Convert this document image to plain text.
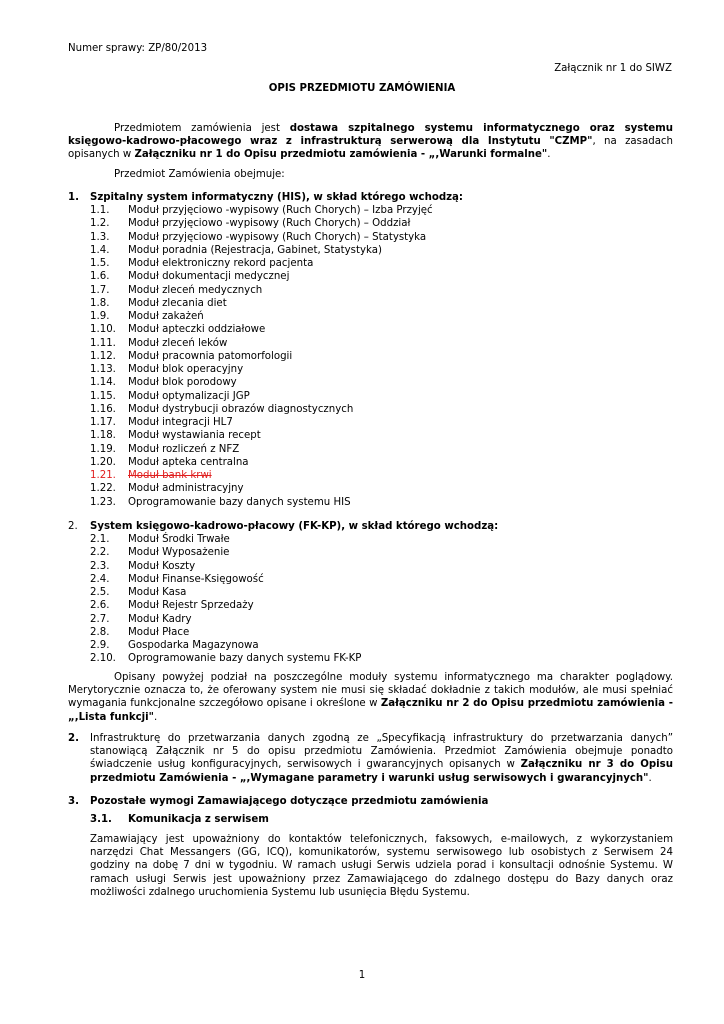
Numer sprawy: ZP/80/2013
Załącznik nr 1 do SIWZ
OPIS PRZEDMIOTU ZAMÓWIENIA
Przedmiotem zamówienia jest dostawa szpitalnego systemu informatycznego oraz systemu księgowo-kadrowo-płacowego wraz z infrastrukturą serwerową dla Instytutu "CZMP", na zasadach opisanych w Załączniku nr 1 do Opisu przedmiotu zamówienia - „,Warunki formalne".
Przedmiot Zamówienia obejmuje:
1. Szpitalny system informatyczny (HIS), w skład którego wchodzą:
1.1. Moduł przyjęciowo -wypisowy (Ruch Chorych) – Izba Przyjęć
1.2. Moduł przyjęciowo -wypisowy (Ruch Chorych) – Oddział
1.3. Moduł przyjęciowo -wypisowy (Ruch Chorych) – Statystyka
1.4. Moduł poradnia (Rejestracja, Gabinet, Statystyka)
1.5. Moduł elektroniczny rekord pacjenta
1.6. Moduł dokumentacji medycznej
1.7. Moduł zleceń medycznych
1.8. Moduł zlecania diet
1.9. Moduł zakażeń
1.10. Moduł apteczki oddziałowe
1.11. Moduł zleceń leków
1.12. Moduł pracownia patomorfologii
1.13. Moduł blok operacyjny
1.14. Moduł blok porodowy
1.15. Moduł optymalizacji JGP
1.16. Moduł dystrybucji obrazów diagnostycznych
1.17. Moduł integracji HL7
1.18. Moduł wystawiania recept
1.19. Moduł rozliczeń z NFZ
1.20. Moduł apteka centralna
1.21. Moduł bank krwi
1.22. Moduł administracyjny
1.23. Oprogramowanie bazy danych systemu HIS
2. System księgowo-kadrowo-płacowy (FK-KP), w skład którego wchodzą:
2.1. Moduł Środki Trwałe
2.2. Moduł Wyposażenie
2.3. Moduł Koszty
2.4. Moduł Finanse-Księgowość
2.5. Moduł Kasa
2.6. Moduł Rejestr Sprzedaży
2.7. Moduł Kadry
2.8. Moduł Płace
2.9. Gospodarka Magazynowa
2.10. Oprogramowanie bazy danych systemu FK-KP
Opisany powyżej podział na poszczególne moduły systemu informatycznego ma charakter poglądowy. Merytorycznie oznacza to, że oferowany system nie musi się składać dokładnie z takich modułów, ale musi spełniać wymagania funkcjonalne szczegółowo opisane i określone w Załączniku nr 2 do Opisu przedmiotu zamówienia - „,Lista funkcji".
2.	Infrastrukturę do przetwarzania danych zgodną ze „Specyfikacją infrastruktury do przetwarzania danych” stanowiącą Załącznik nr 5 do opisu przedmiotu Zamówienia. Przedmiot Zamówienia obejmuje ponadto świadczenie usług konfiguracyjnych, serwisowych i gwarancyjnych opisanych w Załączniku nr 3 do Opisu przedmiotu Zamówienia - „,Wymagane parametry i warunki usług serwisowych i gwarancyjnych".
3. Pozostałe wymogi Zamawiającego dotyczące przedmiotu zamówienia
3.1. Komunikacja z serwisem
Zamawiający jest upoważniony do kontaktów telefonicznych, faksowych, e-mailowych, z wykorzystaniem narzędzi Chat Messangers (GG, ICQ), komunikatorów, systemu serwisowego lub osobistych z Serwisem 24 godziny na dobę 7 dni w tygodniu. W ramach usługi Serwis udziela porad i konsultacji odnośnie Systemu. W ramach usługi Serwis jest upoważniony przez Zamawiającego do zdalnego dostępu do Bazy danych oraz możliwości zdalnego uruchomienia Systemu lub usunięcia Błędu Systemu.
1
